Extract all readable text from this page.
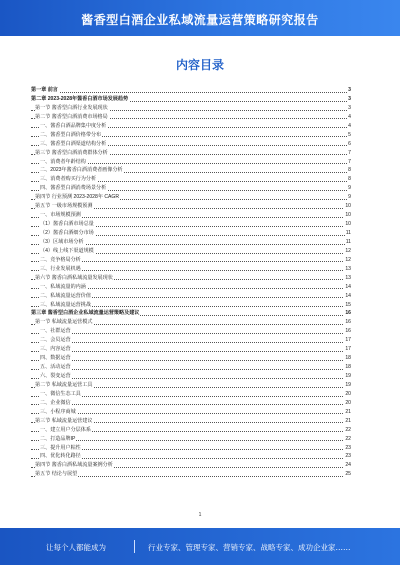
酱香型白酒企业私域流量运营策略研究报告
内容目录
第一章 前言	3
第二章 2023-2028年酱香白酒市场发展趋势	3
第一节 酱香型白酒行业发展现状	3
第二节 酱香型白酒消费市场格局	4
一、酱香白酒品牌集中度分析	4
二、酱香型白酒价格带分布	5
三、酱香型白酒渠道结构分析	6
第三节 酱香型白酒消费群体分析	7
一、消费者年龄结构	7
二、2023年酱香白酒消费者画像分析	8
三、消费者购买行为分析	8
四、酱香型白酒消费场景分析	9
第四节 行业预测 2023-2028年 CAGR	9
第五节 一级市场规模预测	10
一、市场规模预测	10
（1）酱香白酒市场总量	10
（2）酱香白酒细分市场	11
（3）区域市场分析	11
（4）线上线下渠道规模	12
二、竞争格局分析	12
三、行业发展机遇	13
第六节 酱香白酒私域流量发展现状	13
一、私域流量的内涵	14
二、私域流量运营价值	14
三、私域流量运营挑战	15
第三章 酱香型白酒企业私域流量运营策略及建议	16
第一节 私域流量运营模式	16
一、社群运营	16
二、会员运营	17
三、内容运营	17
四、数据运营	18
五、活动运营	18
六、裂变运营	19
第二节 私域流量运营工具	19
一、微信生态工具	20
二、企业微信	20
三、小程序商城	21
第三节 私域流量运营建议	21
一、建立用户分层体系	22
二、打造品牌IP	22
三、提升用户粘性	23
四、优化转化路径	23
第四节 酱香白酒私域流量案例分析	24
第五节 结论与展望	25
1
让每个人都能成为	行业专家、管理专家、营销专家、战略专家、成功企业家……
